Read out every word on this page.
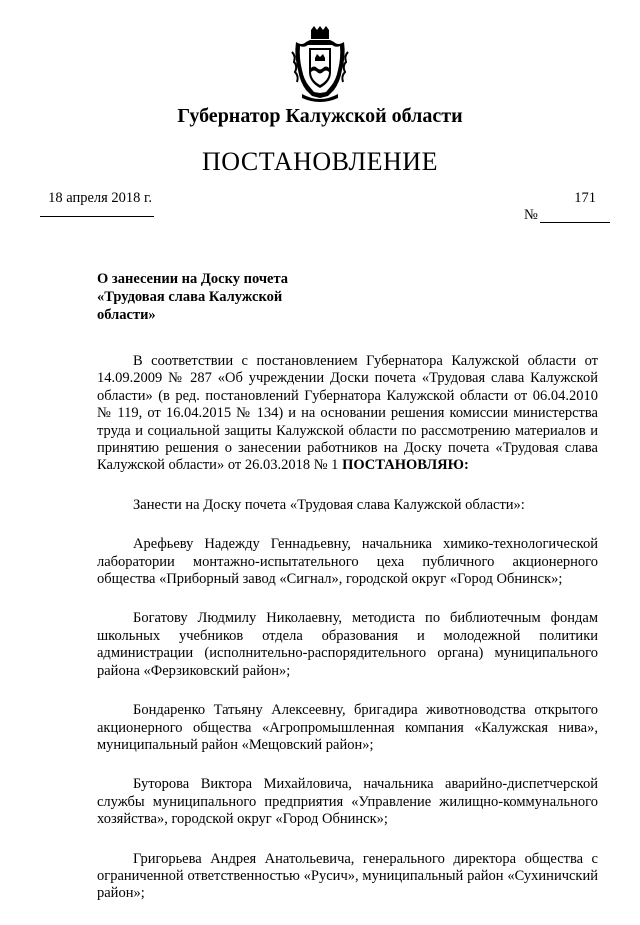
Губернатор Калужской области
ПОСТАНОВЛЕНИЕ
18 апреля 2018 г.	171
№
О занесении на Доску почета
«Трудовая слава Калужской
области»

В соответствии с постановлением Губернатора Калужской области от 14.09.2009 № 287 «Об учреждении Доски почета «Трудовая слава Калужской области» (в ред. постановлений Губернатора Калужской области от 06.04.2010 № 119, от 16.04.2015 № 134) и на основании решения комиссии министерства труда и социальной защиты Калужской области по рассмотрению материалов и принятию решения о занесении работников на Доску почета «Трудовая слава Калужской области» от 26.03.2018 № 1 ПОСТАНОВЛЯЮ:

Занести на Доску почета «Трудовая слава Калужской области»:

Арефьеву Надежду Геннадьевну, начальника химико-технологической лаборатории монтажно-испытательного цеха публичного акционерного общества «Приборный завод «Сигнал», городской округ «Город Обнинск»;

Богатову Людмилу Николаевну, методиста по библиотечным фондам школьных учебников отдела образования и молодежной политики администрации (исполнительно-распорядительного органа) муниципального района «Ферзиковский район»;

Бондаренко Татьяну Алексеевну, бригадира животноводства открытого акционерного общества «Агропромышленная компания «Калужская нива», муниципальный район «Мещовский район»;

Буторова Виктора Михайловича, начальника аварийно-диспетчерской службы муниципального предприятия «Управление жилищно-коммунального хозяйства», городской округ «Город Обнинск»;

Григорьева Андрея Анатольевича, генерального директора общества с ограниченной ответственностью «Русич», муниципальный район «Сухиничский район»;
